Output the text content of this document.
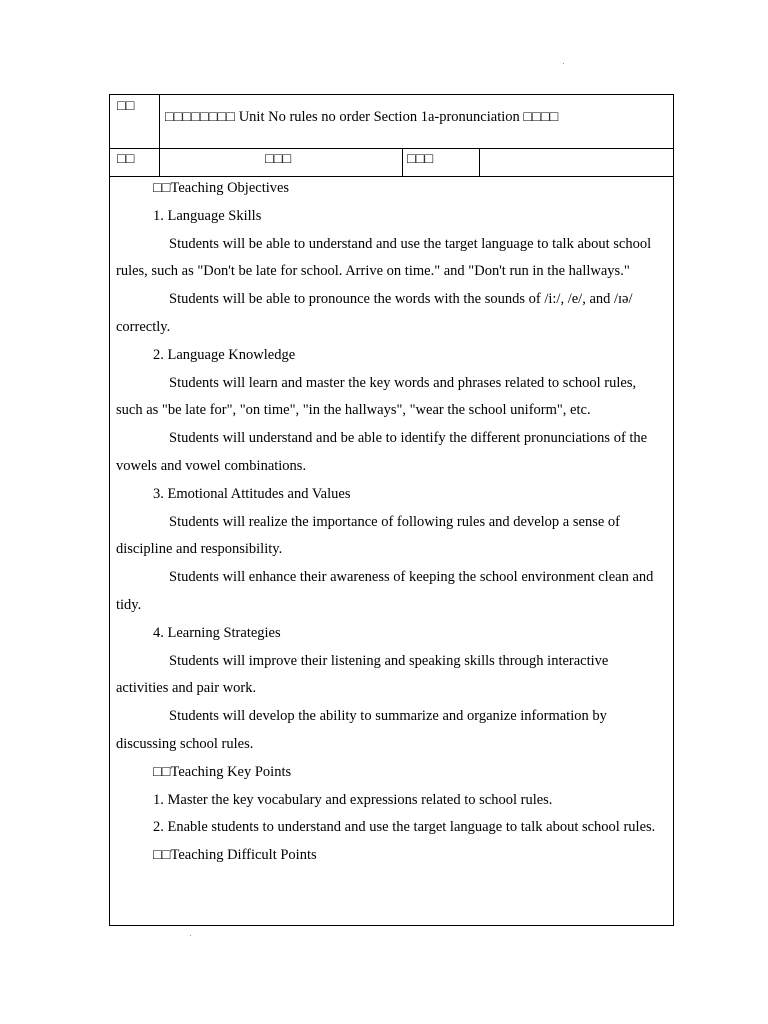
□□
□□□□□□□□ Unit No rules no order Section 1a-pronunciation □□□□
□□	□□□	□□□

□□Teaching Objectives

1. Language Skills

Students will be able to understand and use the target language to talk about school rules, such as "Don't be late for school. Arrive on time." and "Don't run in the hallways."

Students will be able to pronounce the words with the sounds of /i:/, /e/, and /ɪə/ correctly.

2. Language Knowledge

Students will learn and master the key words and phrases related to school rules, such as "be late for", "on time", "in the hallways", "wear the school uniform", etc.

Students will understand and be able to identify the different pronunciations of the vowels and vowel combinations.

3. Emotional Attitudes and Values

Students will realize the importance of following rules and develop a sense of discipline and responsibility.

Students will enhance their awareness of keeping the school environment clean and tidy.

4. Learning Strategies

Students will improve their listening and speaking skills through interactive activities and pair work.

Students will develop the ability to summarize and organize information by discussing school rules.

□□Teaching Key Points

1. Master the key vocabulary and expressions related to school rules.

2. Enable students to understand and use the target language to talk about school rules.

□□Teaching Difficult Points
